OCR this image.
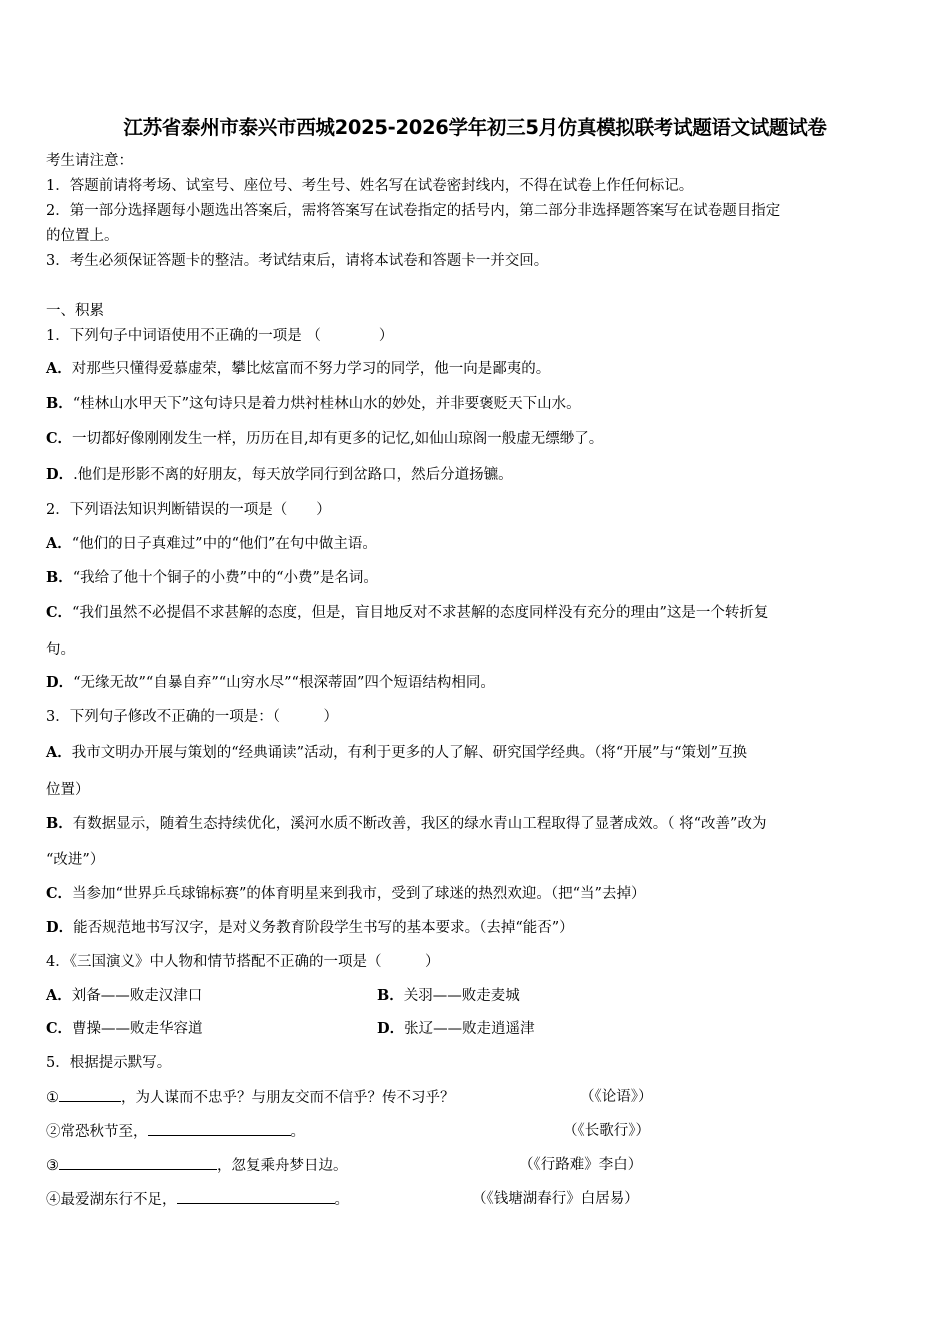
江苏省泰州市泰兴市西城2025-2026学年初三5月仿真模拟联考试题语文试题试卷
考生请注意：
1．答题前请将考场、试室号、座位号、考生号、姓名写在试卷密封线内，不得在试卷上作任何标记。
2．第一部分选择题每小题选出答案后，需将答案写在试卷指定的括号内，第二部分非选择题答案写在试卷题目指定
的位置上。
3．考生必须保证答题卡的整洁。考试结束后，请将本试卷和答题卡一并交回。
一、积累
1．下列句子中词语使用不正确的一项是 （　　　　）
A．对那些只懂得爱慕虚荣，攀比炫富而不努力学习的同学，他一向是鄙夷的。
B．“桂林山水甲天下”这句诗只是着力烘衬桂林山水的妙处，并非要褒贬天下山水。
C．一切都好像刚刚发生一样，历历在目,却有更多的记忆,如仙山琼阁一般虚无缥缈了。
D．.他们是形影不离的好朋友，每天放学同行到岔路口，然后分道扬镳。
2．下列语法知识判断错误的一项是（　　）
A．“他们的日子真难过”中的“他们”在句中做主语。
B．“我给了他十个铜子的小费”中的“小费”是名词。
C．“我们虽然不必提倡不求甚解的态度，但是，盲目地反对不求甚解的态度同样没有充分的理由”这是一个转折复
句。
D．“无缘无故”“自暴自弃”“山穷水尽”“根深蒂固”四个短语结构相同。
3．下列句子修改不正确的一项是：（　　　）
A．我市文明办开展与策划的“经典诵读”活动，有利于更多的人了解、研究国学经典。（将“开展”与“策划”互换
位置）
B．有数据显示，随着生态持续优化，溪河水质不断改善，我区的绿水青山工程取得了显著成效。（ 将“改善”改为
“改进”）
C．当参加“世界乒乓球锦标赛”的体育明星来到我市，受到了球迷的热烈欢迎。（把“当”去掉）
D．能否规范地书写汉字，是对义务教育阶段学生书写的基本要求。（去掉“能否”）
4．《三国演义》中人物和情节搭配不正确的一项是（　　　）
A．刘备——败走汉津口	B．关羽——败走麦城
C．曹操——败走华容道	D．张辽——败走逍遥津
5．根据提示默写。
①	，为人谋而不忠乎？与朋友交而不信乎？传不习乎？	（《论语》）
②常恐秋节至，	。	（《长歌行》）
③	，忽复乘舟梦日边。	（《行路难》李白）
④最爱湖东行不足，	。	（《钱塘湖春行》白居易）
